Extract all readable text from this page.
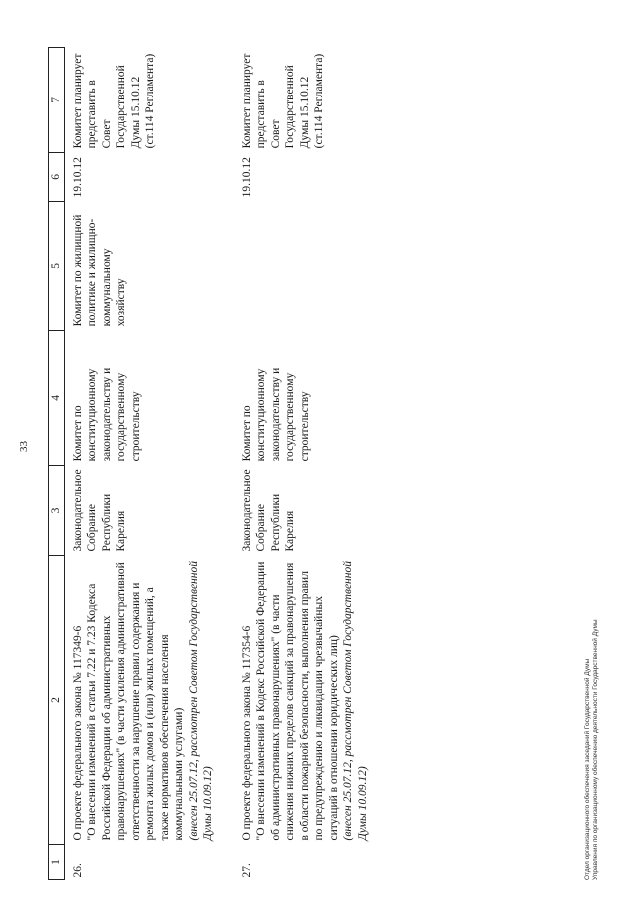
33
1	2	3	4	5	6	7
26.	О проекте федерального закона № 117349-6 "О внесении изменений в статьи 7.22 и 7.23 Кодекса Российской Федерации об административных правонарушениях" (в части усиления административной ответственности за нарушение правил содержания и ремонта жилых домов и (или) жилых помещений, а также нормативов обеспечения населения коммунальными услугами) (внесен 25.07.12, рассмотрен Советом Государственной Думы 10.09.12)	Законодательное Собрание Республики Карелия	Комитет по конституционному законодательству и государственному строительству	Комитет по жилищной политике и жилищно-коммунальному хозяйству	19.10.12	Комитет планирует представить в Совет Государственной Думы 15.10.12 (ст.114 Регламента)
27.	О проекте федерального закона № 117354-6 "О внесении изменений в Кодекс Российской Федерации об административных правонарушениях" (в части снижения нижних пределов санкций за правонарушения в области пожарной безопасности, выполнения правил по предупреждению и ликвидации чрезвычайных ситуаций в отношении юридических лиц) (внесен 25.07.12, рассмотрен Советом Государственной Думы 10.09.12)	Законодательное Собрание Республики Карелия	Комитет по конституционному законодательству и государственному строительству		19.10.12	Комитет планирует представить в Совет Государственной Думы 15.10.12 (ст.114 Регламента)
Отдел организационного обеспечения заседаний Государственной Думы Управления по организационному обеспечению деятельности Государственной Думы
